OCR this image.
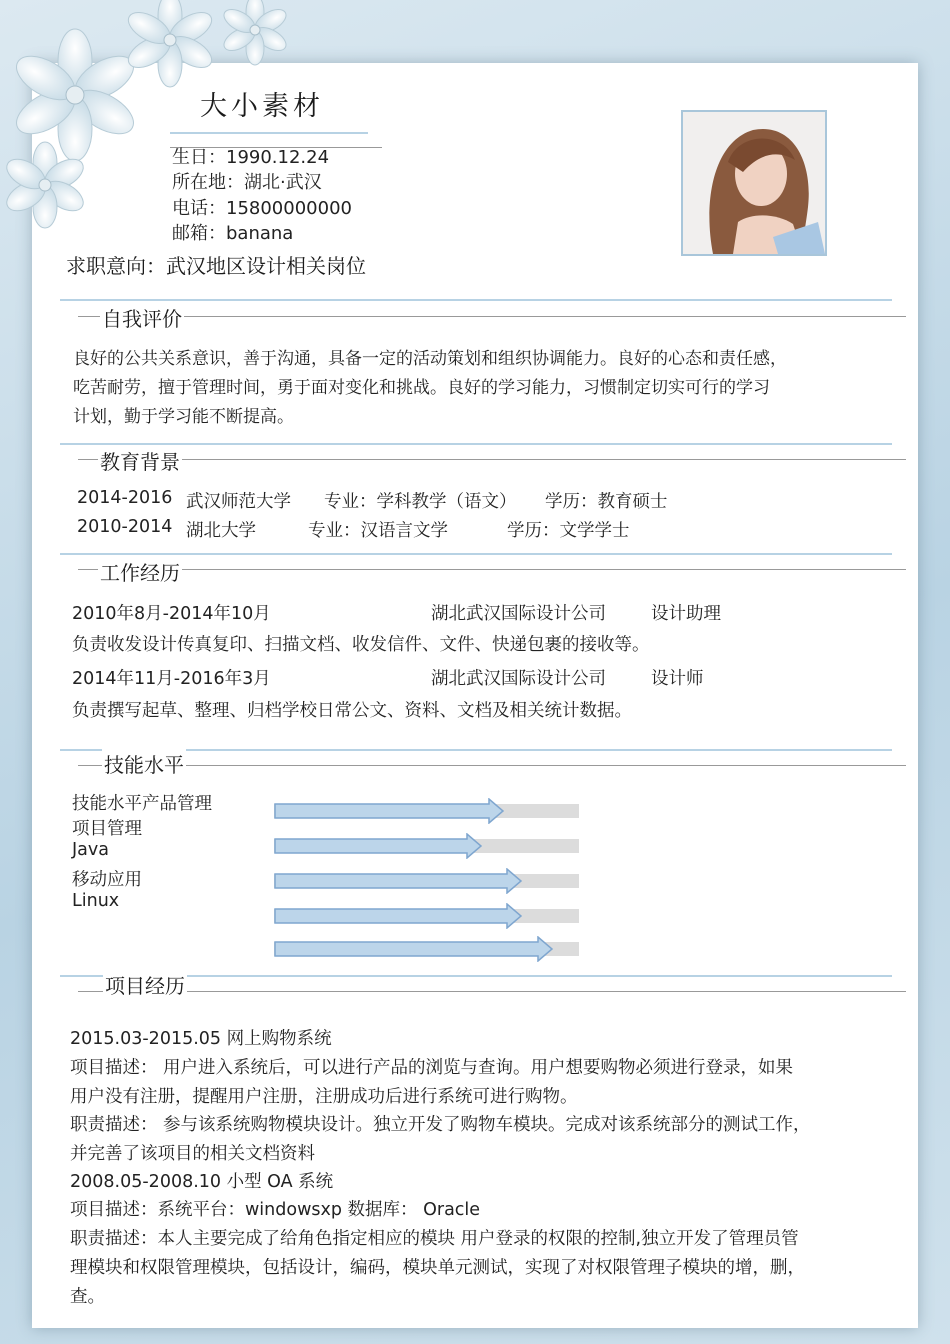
大小素材
生日：1990.12.24
所在地：湖北·武汉
电话：15800000000
邮箱：banana
求职意向：武汉地区设计相关岗位
自我评价
良好的公共关系意识，善于沟通，具备一定的活动策划和组织协调能力。良好的心态和责任感，
吃苦耐劳，擅于管理时间，勇于面对变化和挑战。良好的学习能力，习惯制定切实可行的学习
计划，勤于学习能不断提高。
教育背景
2014-2016 武汉师范大学 专业：学科教学（语文） 学历：教育硕士
2010-2014 湖北大学	专业：汉语言文学	学历：文学学士
工作经历
2010年8月-2014年10月	湖北武汉国际设计公司	设计助理
负责收发设计传真复印、扫描文档、收发信件、文件、快递包裹的接收等。
2014年11月-2016年3月	湖北武汉国际设计公司	设计师
负责撰写起草、整理、归档学校日常公文、资料、文档及相关统计数据。
技能水平
技能水平产品管理
项目管理
Java
移动应用
Linux
项目经历
2015.03-2015.05 网上购物系统
项目描述： 用户进入系统后，可以进行产品的浏览与查询。用户想要购物必须进行登录，如果
用户没有注册，提醒用户注册，注册成功后进行系统可进行购物。
职责描述： 参与该系统购物模块设计。独立开发了购物车模块。完成对该系统部分的测试工作，
并完善了该项目的相关文档资料
2008.05-2008.10 小型 OA 系统
项目描述：系统平台：windowsxp 数据库： Oracle
职责描述：本人主要完成了给角色指定相应的模块 用户登录的权限的控制,独立开发了管理员管
理模块和权限管理模块，包括设计，编码，模块单元测试，实现了对权限管理子模块的增，删，
查。
